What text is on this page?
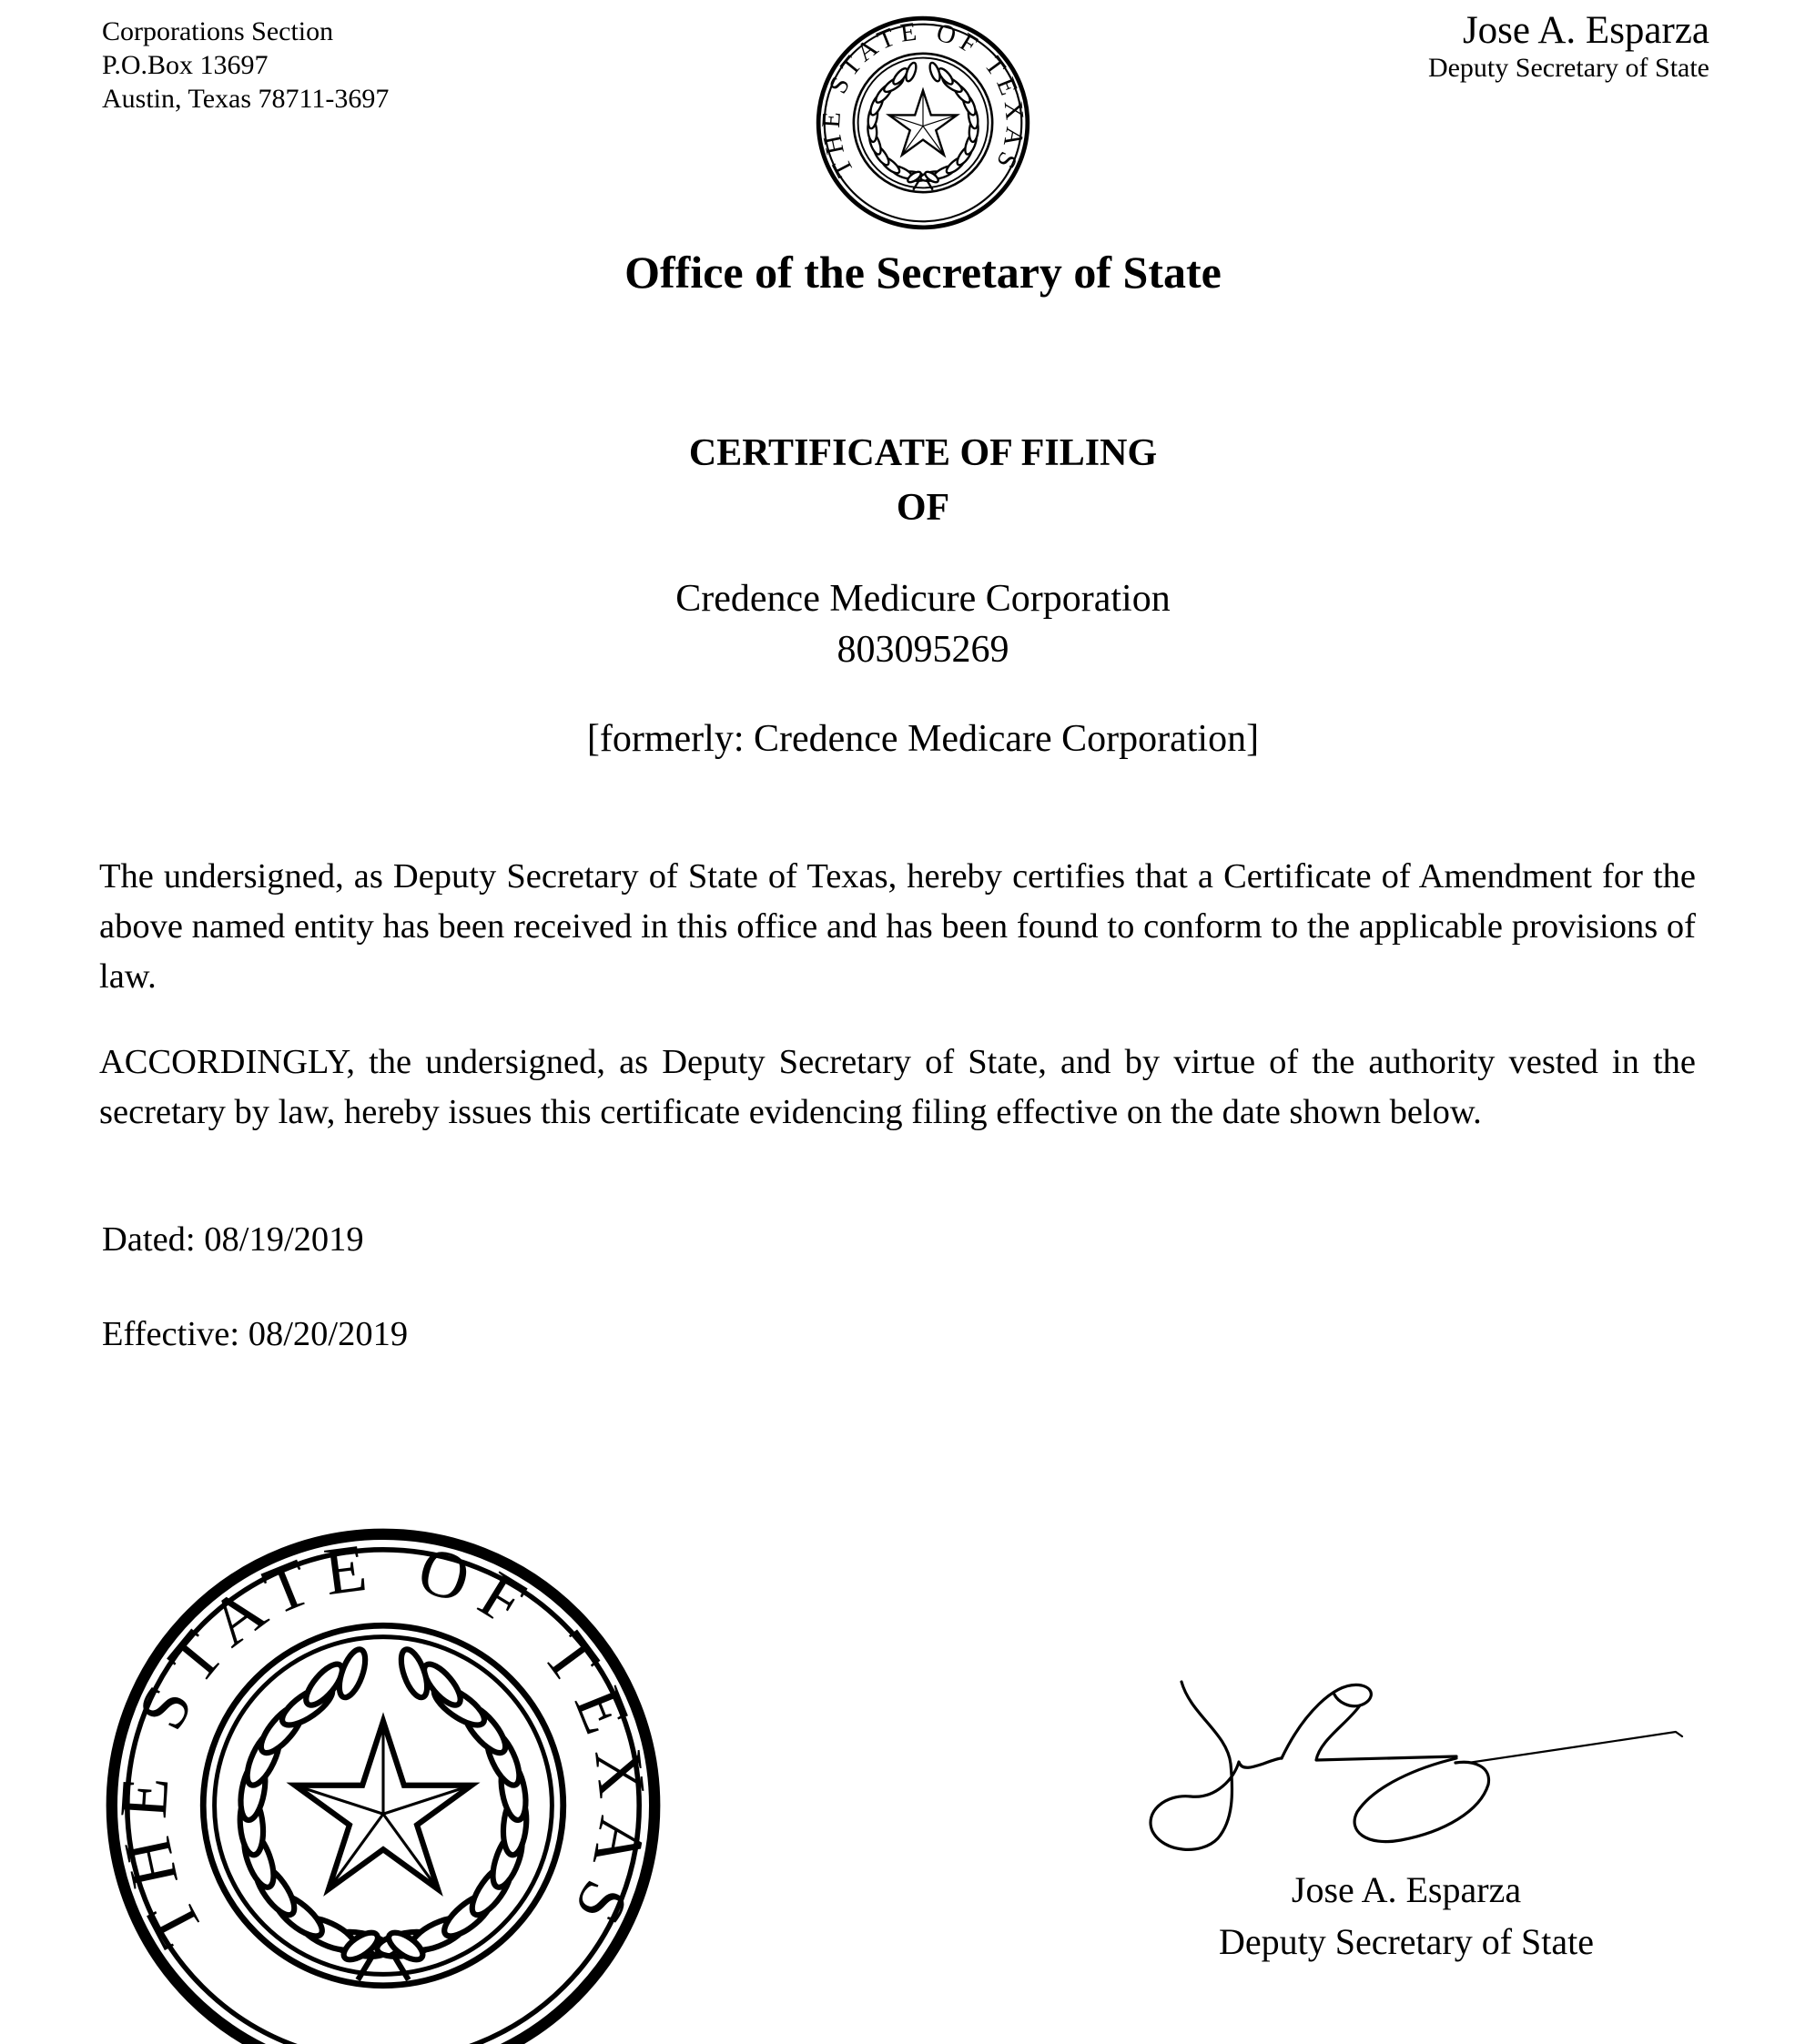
Corporations Section
P.O.Box 13697
Austin, Texas 78711-3697
Jose A. Esparza
Deputy Secretary of State
Office of the Secretary of State
CERTIFICATE OF FILING
OF
Credence Medicure Corporation
803095269
[formerly: Credence Medicare Corporation]

The undersigned, as Deputy Secretary of State of Texas, hereby certifies that a Certificate of Amendment for the above named entity has been received in this office and has been found to conform to the applicable provisions of law.

ACCORDINGLY, the undersigned, as Deputy Secretary of State, and by virtue of the authority vested in the secretary by law, hereby issues this certificate evidencing filing effective on the date shown below.

Dated: 08/19/2019
Effective: 08/20/2019
Jose A. Esparza
Deputy Secretary of State
